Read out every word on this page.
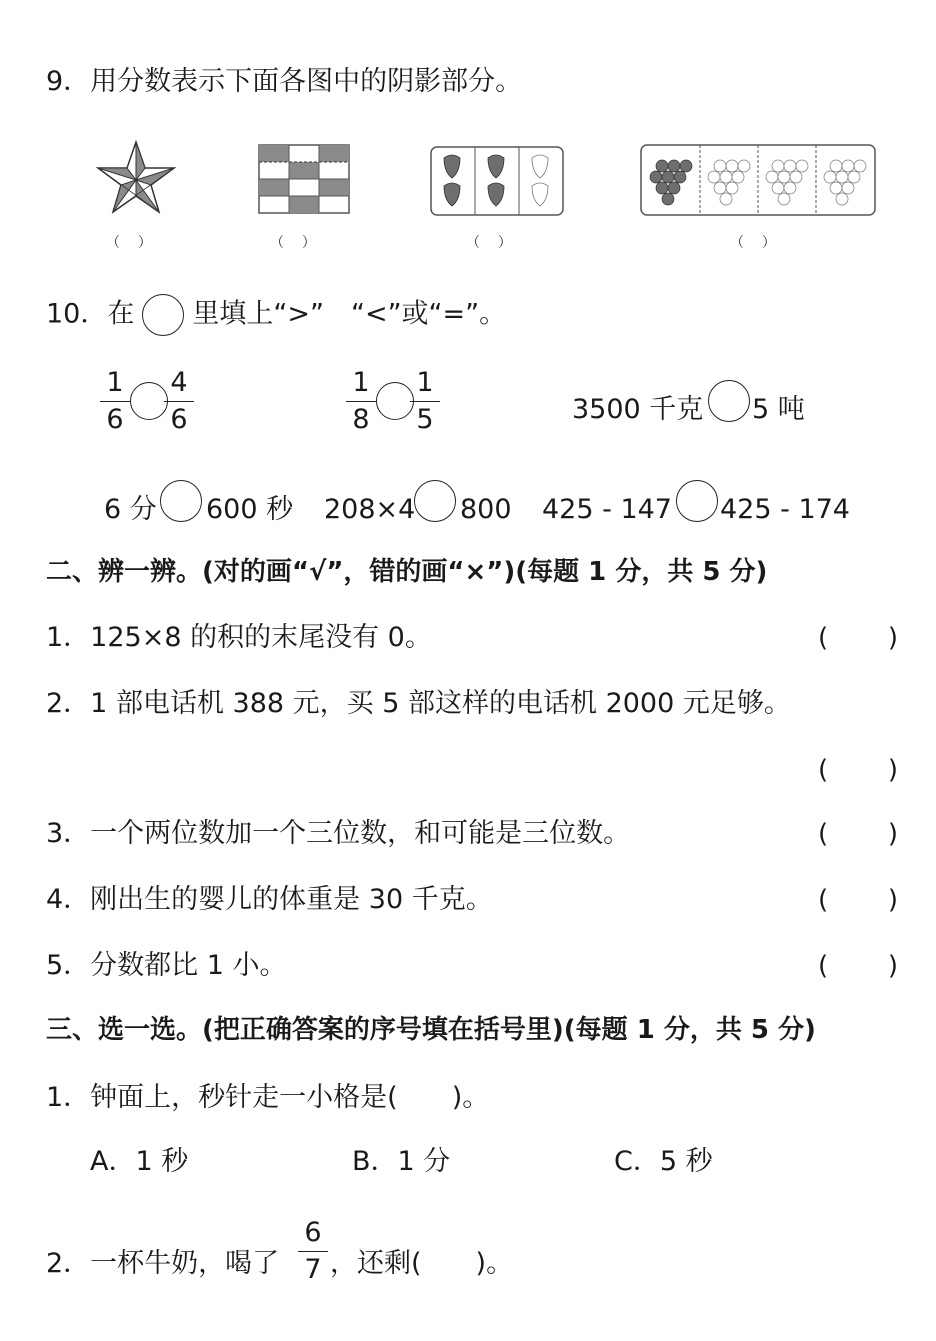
9．用分数表示下面各图中的阴影部分。
（ ）	（ ）	（ ）	（ ）
10．在 里填上“>”　“<”或“=”。
1
6
4
6
1
8
1
5	3500 千克 5 吨
6 分 600 秒 208×4 800 425 - 147 425 - 174
二、辨一辨。(对的画“√”，错的画“×”)(每题 1 分，共 5 分)
1．125×8 的积的末尾没有 0。	( )
2．1 部电话机 388 元，买 5 部这样的电话机 2000 元足够。
( )
3．一个两位数加一个三位数，和可能是三位数。	( )
4．刚出生的婴儿的体重是 30 千克。	( )
5．分数都比 1 小。	( )
三、选一选。(把正确答案的序号填在括号里)(每题 1 分，共 5 分)
1．钟面上，秒针走一小格是(　　)。
A．1 秒	B．1 分	C．5 秒
2．一杯牛奶，喝了
6
7 ，还剩(　　)。
